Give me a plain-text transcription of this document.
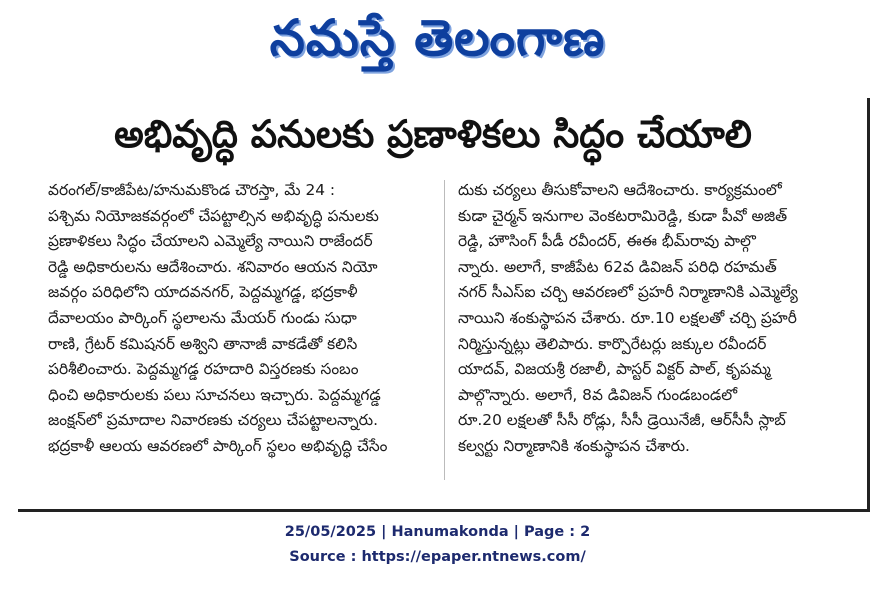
నమస్తే తెలంగాణ
అభివృద్ధి పనులకు ప్రణాళికలు సిద్ధం చేయాలి

వరంగల్/కాజీపేట/హనుమకొండ చౌరస్తా, మే 24 :

పశ్చిమ నియోజకవర్గంలో చేపట్టాల్సిన అభివృద్ధి పనులకు

ప్రణాళికలు సిద్ధం చేయాలని ఎమ్మెల్యే నాయిని రాజేందర్

రెడ్డి అధికారులను ఆదేశించారు. శనివారం ఆయన నియో

జవర్గం పరిధిలోని యాదవనగర్, పెద్దమ్మగడ్డ, భద్రకాళీ

దేవాలయం పార్కింగ్ స్థలాలను మేయర్ గుండు సుధా

రాణి, గ్రేటర్ కమిషనర్ అశ్విని తానాజీ వాకడేతో కలిసి

పరిశీలించారు. పెద్దమ్మగడ్డ రహదారి విస్తరణకు సంబం

ధించి అధికారులకు పలు సూచనలు ఇచ్చారు. పెద్దమ్మగడ్డ

జంక్షన్‌లో ప్రమాదాల నివారణకు చర్యలు చేపట్టాలన్నారు.

భద్రకాళీ ఆలయ ఆవరణలో పార్కింగ్ స్థలం అభివృద్ధి చేసేం

దుకు చర్యలు తీసుకోవాలని ఆదేశించారు. కార్యక్రమంలో

కుడా చైర్మన్ ఇనుగాల వెంకటరామిరెడ్డి, కుడా పీవో అజిత్

రెడ్డి, హౌసింగ్ పీడీ రవీందర్, ఈఈ భీమ్‌రావు పాల్గొ

న్నారు. అలాగే, కాజీపేట 62వ డివిజన్ పరిధి రహమత్

నగర్ సీఎస్ఐ చర్చి ఆవరణలో ప్రహరీ నిర్మాణానికి ఎమ్మెల్యే

నాయిని శంకుస్థాపన చేశారు. రూ.10 లక్షలతో చర్చి ప్రహరీ

నిర్మిస్తున్నట్లు తెలిపారు. కార్పొరేటర్లు జక్కుల రవీందర్

యాదవ్, విజయశ్రీ రజాలీ, పాస్టర్ విక్టర్ పాల్, కృపమ్మ

పాల్గొన్నారు. అలాగే, 8వ డివిజన్ గుండబండలో

రూ.20 లక్షలతో సీసీ రోడ్లు, సీసీ డ్రెయినేజీ, ఆర్‌సీసీ స్లాబ్

కల్వర్టు నిర్మాణానికి శంకుస్థాపన చేశారు.

25/05/2025 | Hanumakonda | Page : 2
Source : https://epaper.ntnews.com/
